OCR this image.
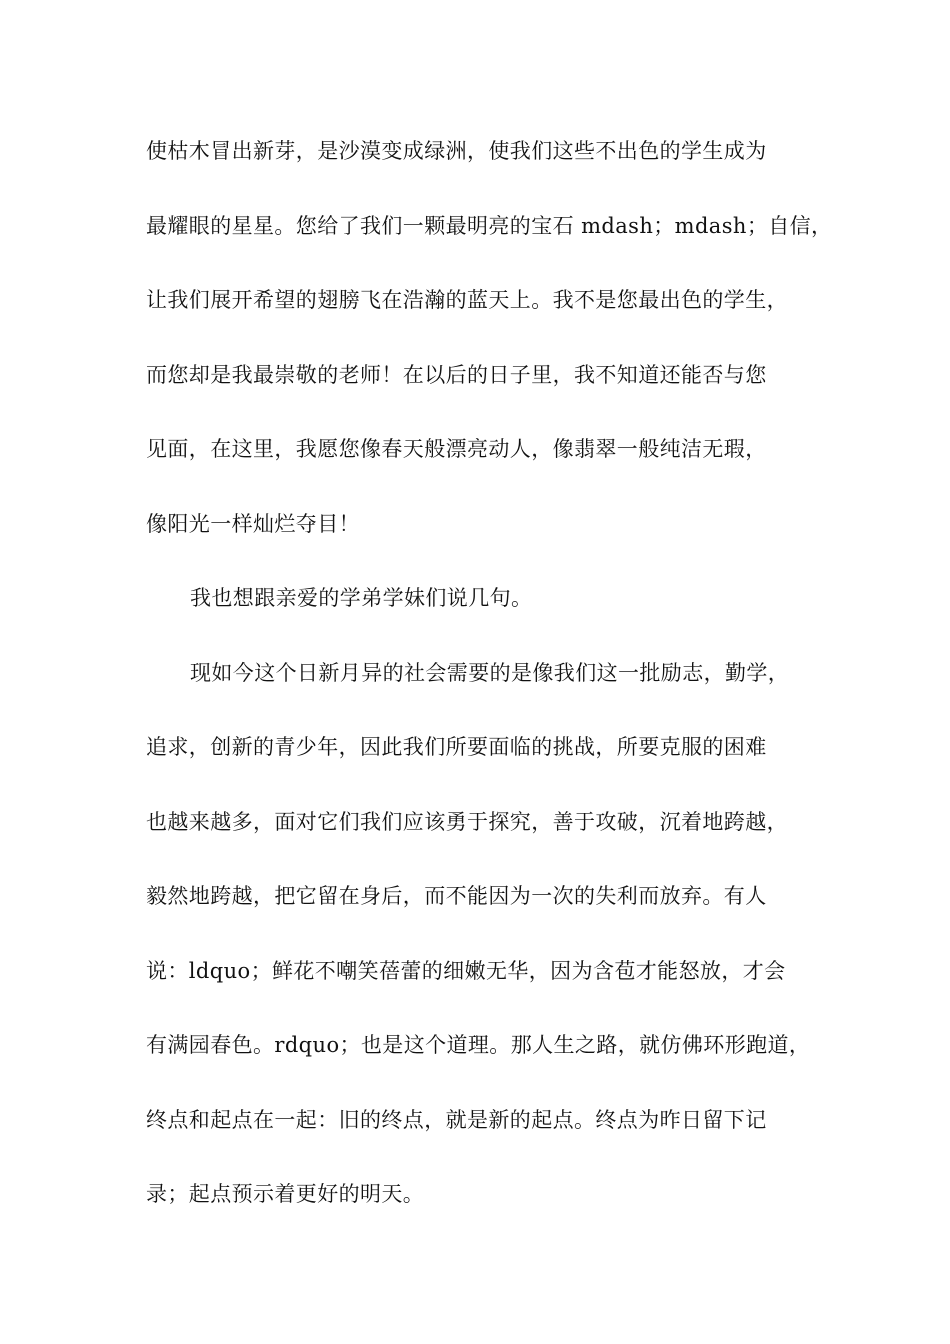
使枯木冒出新芽，是沙漠变成绿洲，使我们这些不出色的学生成为
最耀眼的星星。您给了我们一颗最明亮的宝石 mdash；mdash；自信，
让我们展开希望的翅膀飞在浩瀚的蓝天上。我不是您最出色的学生，
而您却是我最崇敬的老师！在以后的日子里，我不知道还能否与您
见面，在这里，我愿您像春天般漂亮动人，像翡翠一般纯洁无瑕，
像阳光一样灿烂夺目！
我也想跟亲爱的学弟学妹们说几句。
现如今这个日新月异的社会需要的是像我们这一批励志，勤学，
追求，创新的青少年，因此我们所要面临的挑战，所要克服的困难
也越来越多，面对它们我们应该勇于探究，善于攻破，沉着地跨越，
毅然地跨越，把它留在身后，而不能因为一次的失利而放弃。有人
说：ldquo；鲜花不嘲笑蓓蕾的细嫩无华，因为含苞才能怒放，才会
有满园春色。rdquo；也是这个道理。那人生之路，就仿佛环形跑道，
终点和起点在一起：旧的终点，就是新的起点。终点为昨日留下记
录；起点预示着更好的明天。
